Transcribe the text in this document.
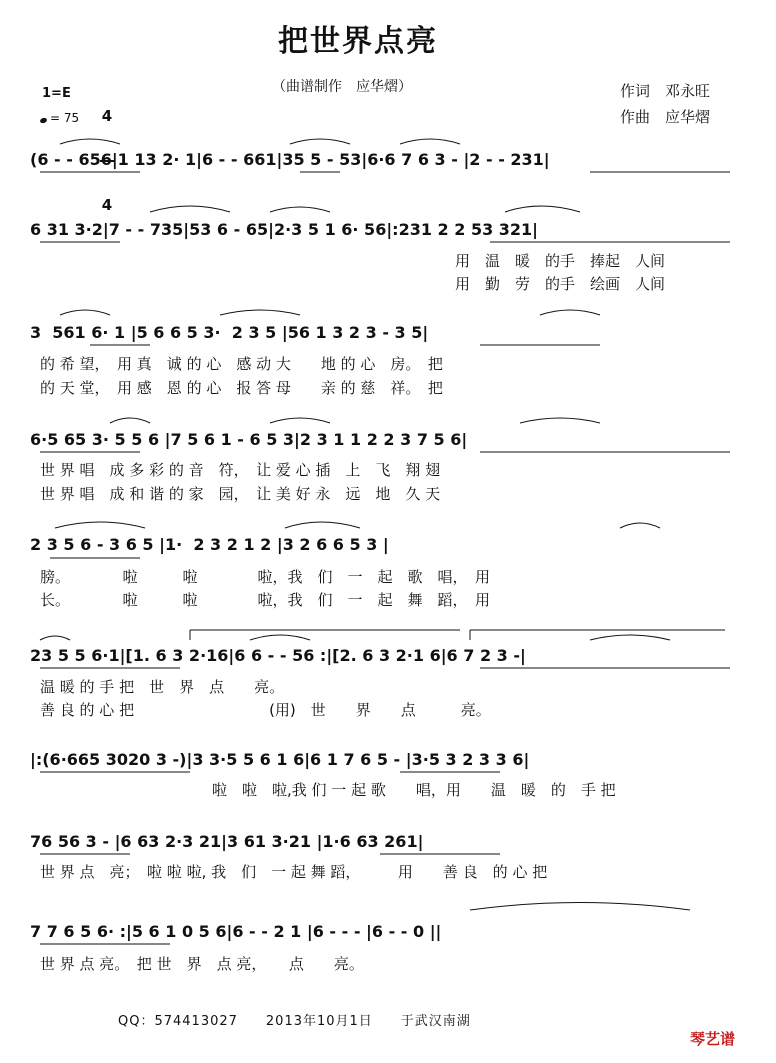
把世界点亮
（曲谱制作　应华熠）	作词　邓永旺
作曲　应华熠
1=E

4

4

= 75
(6 - - 656|1 13 2· 1|6 - - 661|35 5 - 53|6·6 7 6 3 - |2 - - 231|
6 31 3·2|7 - - 735|53 6 - 65|2·3 5 1 6· 56|:231 2 2 53 321|
用　温　暖　的手　捧起　人间
用　勤　劳　的手　绘画　人间
3  561 6· 1 |5 6 6 5 3·  2 3 5 |56 1 3 2 3 - 3 5|
的 希 望，　用 真　诚 的 心　感 动 大　　地 的 心　房。　把
的 天 堂，　用 感　恩 的 心　报 答 母　　亲 的 慈　祥。　把
6·5 65 3· 5 5 6 |7 5 6 1 - 6 5 3|2 3 1 1 2 2 3 7 5 6|
世 界 唱　成 多 彩 的 音　符，　让 爱 心 插　上　飞　翔 翅
世 界 唱　成 和 谐 的 家　园，　让 美 好 永　远　地　久 天
2 3 5 6 - 3 6 5 |1·  2 3 2 1 2 |3 2 6 6 5 3 |
膀。　　　　啦　　　啦　　　　啦，我　们　一　起　歌　唱，　用
长。　　　　啦　　　啦　　　　啦，我　们　一　起　舞　蹈，　用
23 5 5 6·1|[1. 6 3 2·16|6 6 - - 56 :|[2. 6 3 2·1 6|6 7 2 3 -|
温 暖 的 手 把　世　界　点　　亮。
善 良 的 心 把　　　　　　　　　(用)　世　　界　　点　　　亮。
|:(6·665 3020 3 -)|3 3·5 5 6 1 6|6 1 7 6 5 - |3·5 3 2 3 3 6|
啦　啦　啦,我 们 一 起 歌　　唱，用　　温　暖　的　手 把
76 56 3 - |6 63 2·3 21|3 61 3·21 |1·6 63 261|
世 界 点　亮；　啦 啦 啦, 我　们　一 起 舞 蹈，　　　用　　善 良　的 心 把
7 7 6 5 6· :|5 6 1 0 5 6|6 - - 2 1 |6 - - - |6 - - 0 ||
世 界 点 亮。　把 世　界　点 亮，　　点　　亮。
QQ：574413027　　2013年10月1日　　于武汉南湖
琴艺谱
